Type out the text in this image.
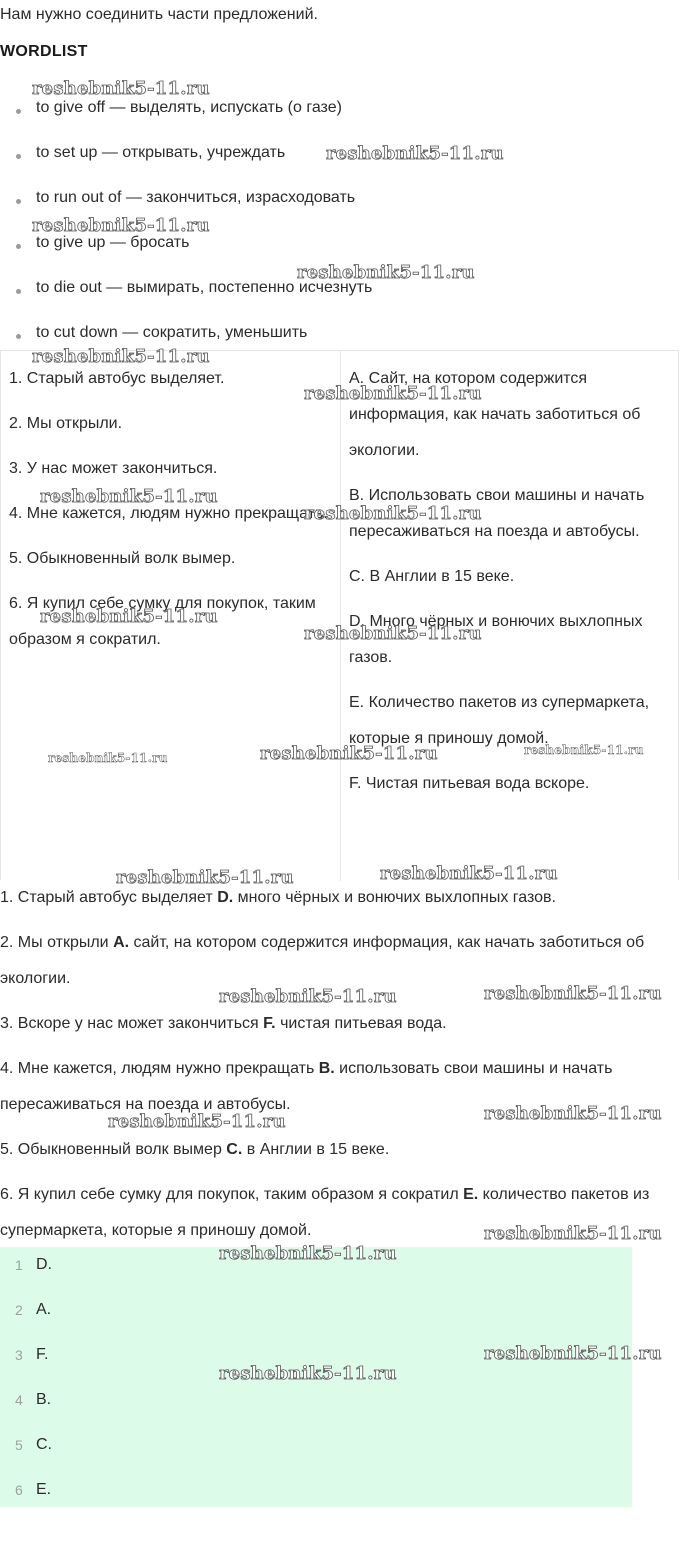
Нам нужно соединить части предложений.
WORDLIST
to give off — выделять, испускать (о газе)
to set up — открывать, учреждать
to run out of — закончиться, израсходовать
to give up — бросать
to die out — вымирать, постепенно исчезнуть
to cut down — сократить, уменьшить

1. Старый автобус выделяет.

2. Мы открыли.

3. У нас может закончиться.

4. Мне кажется, людям нужно прекращать.

5. Обыкновенный волк вымер.

6. Я купил себе сумку для покупок, таким образом я сократил.

A. Сайт, на котором содержится информация, как начать заботиться об экологии.

B. Использовать свои машины и начать пересаживаться на поезда и автобусы.

C. В Англии в 15 веке.

D. Много чёрных и вонючих выхлопных газов.

E. Количество пакетов из супермаркета, которые я приношу домой.

F. Чистая питьевая вода вскоре.

1. Старый автобус выделяет D. много чёрных и вонючих выхлопных газов.

2. Мы открыли A. сайт, на котором содержится информация, как начать заботиться об экологии.

3. Вскоре у нас может закончиться F. чистая питьевая вода.

4. Мне кажется, людям нужно прекращать B. использовать свои машины и начать пересаживаться на поезда и автобусы.

5. Обыкновенный волк вымер C. в Англии в 15 веке.

6. Я купил себе сумку для покупок, таким образом я сократил E. количество пакетов из супермаркета, которые я приношу домой.

1 D.
2 A.
3 F.
4 B.
5 C.
6 E.
reshebnik5-11.ru
reshebnik5-11.ru
reshebnik5-11.ru
reshebnik5-11.ru
reshebnik5-11.ru
reshebnik5-11.ru
reshebnik5-11.ru
reshebnik5-11.ru
reshebnik5-11.ru
reshebnik5-11.ru
reshebnik5-11.ru	reshebnik5-11.ru	reshebnik5-11.ru
reshebnik5-11.ru	reshebnik5-11.ru
reshebnik5-11.ru	reshebnik5-11.ru
reshebnik5-11.ru
reshebnik5-11.ru
reshebnik5-11.ru
reshebnik5-11.ru
reshebnik5-11.ru
reshebnik5-11.ru
